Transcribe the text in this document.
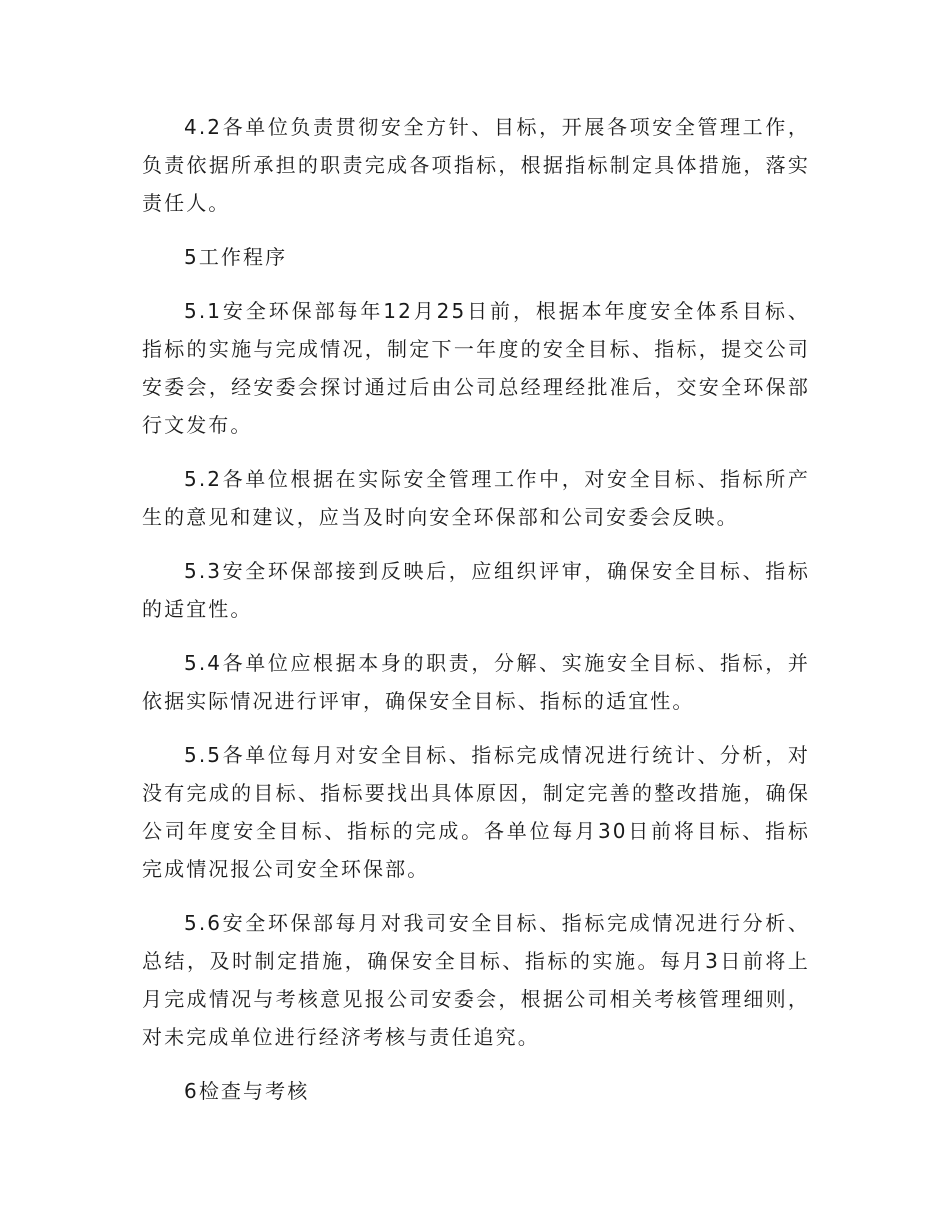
4.2各单位负责贯彻安全方针、目标，开展各项安全管理工作，负责依据所承担的职责完成各项指标，根据指标制定具体措施，落实责任人。

5工作程序

5.1安全环保部每年12月25日前，根据本年度安全体系目标、指标的实施与完成情况，制定下一年度的安全目标、指标，提交公司安委会，经安委会探讨通过后由公司总经理经批准后，交安全环保部行文发布。

5.2各单位根据在实际安全管理工作中，对安全目标、指标所产生的意见和建议，应当及时向安全环保部和公司安委会反映。

5.3安全环保部接到反映后，应组织评审，确保安全目标、指标的适宜性。

5.4各单位应根据本身的职责，分解、实施安全目标、指标，并依据实际情况进行评审，确保安全目标、指标的适宜性。

5.5各单位每月对安全目标、指标完成情况进行统计、分析，对没有完成的目标、指标要找出具体原因，制定完善的整改措施，确保公司年度安全目标、指标的完成。各单位每月30日前将目标、指标完成情况报公司安全环保部。

5.6安全环保部每月对我司安全目标、指标完成情况进行分析、总结，及时制定措施，确保安全目标、指标的实施。每月3日前将上月完成情况与考核意见报公司安委会，根据公司相关考核管理细则，对未完成单位进行经济考核与责任追究。

6检查与考核
